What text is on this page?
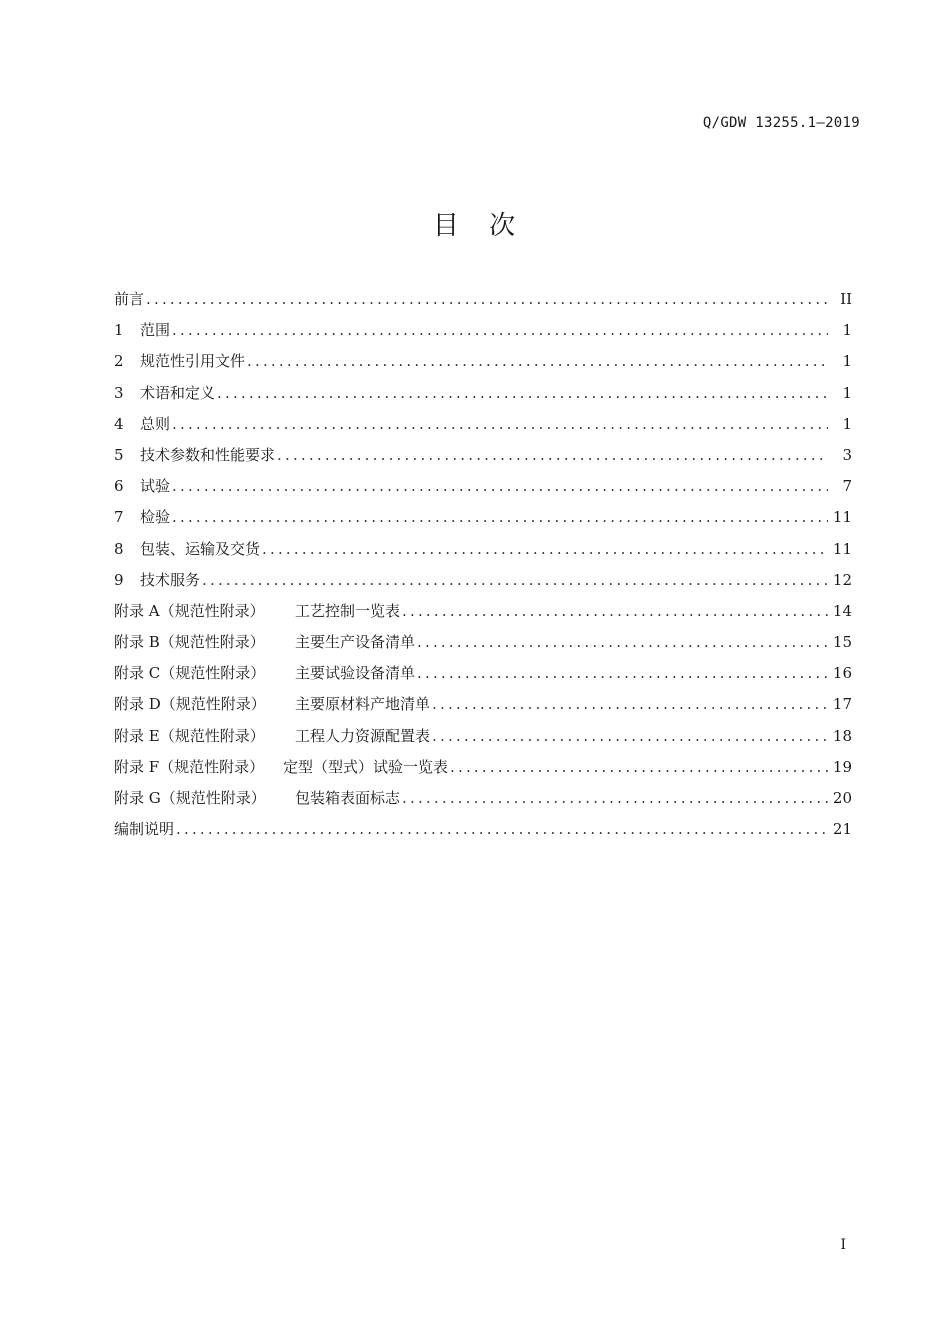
Q/GDW 13255.1—2019
目 次
前言 .....	II
1	范围 .....	1
2	规范性引用文件 .....	1
3	术语和定义 .....	1
4	总则 .....	1
5	技术参数和性能要求 .....	3
6	试验 .....	7
7	检验 .....	11
8	包装、运输及交货 .....	11
9	技术服务 .....	12
附录 A（规范性附录）	工艺控制一览表 .....	14
附录 B（规范性附录）	主要生产设备清单 .....	15
附录 C（规范性附录）	主要试验设备清单 .....	16
附录 D（规范性附录）	主要原材料产地清单 .....	17
附录 E（规范性附录）	工程人力资源配置表 .....	18
附录 F（规范性附录）	定型（型式）试验一览表 .....	19
附录 G（规范性附录）	包装箱表面标志 .....	20
编制说明 .....	21
I
